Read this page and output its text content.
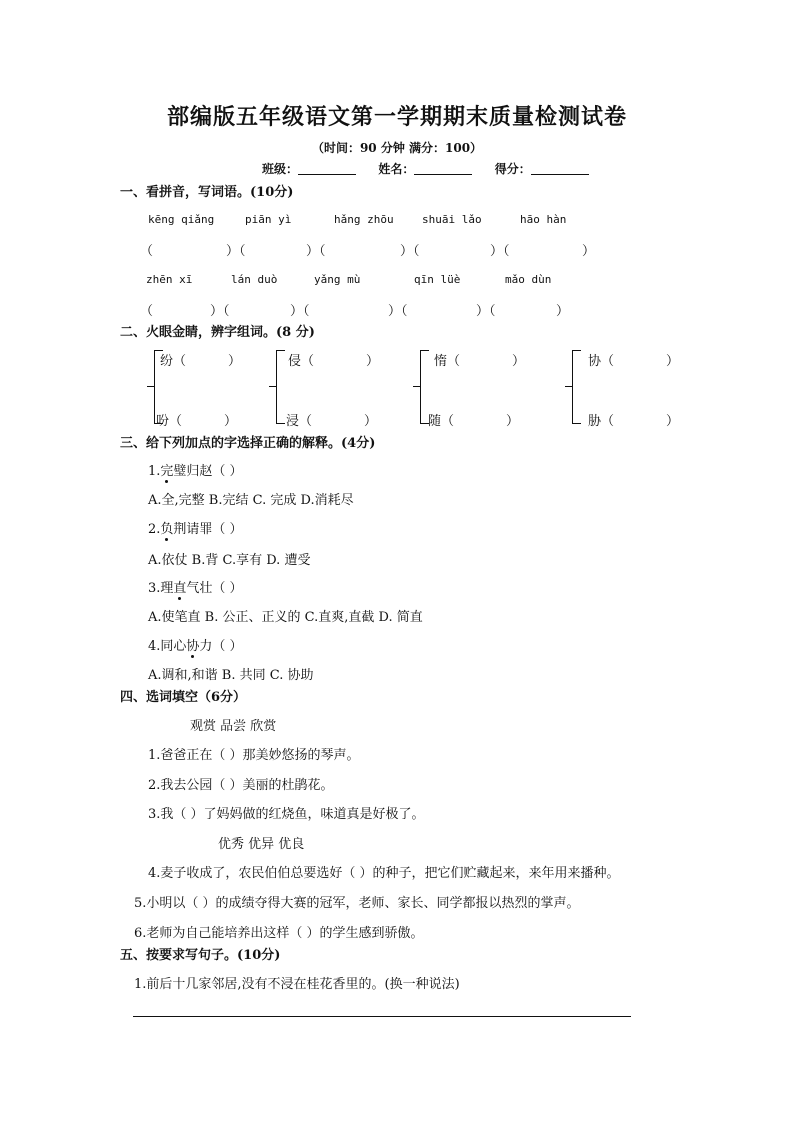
部编版五年级语文第一学期期末质量检测试卷
（时间：90 分钟 满分：100）
班级：	姓名：	得分：
一、看拼音，写词语。(10分)
kēng qiǎng	piān yì	hǎng zhōu	shuāi lǎo	hāo hàn
（	）（	）（	）（	）（	）
zhēn xī	lán duò	yǎng mù	qīn lüè	mǎo dùn
（	）（	）（	）（	）（	）
二、火眼金睛，辨字组词。(8 分)
纷（	）
吩（	）
侵（	）
浸（	）
惰（	）
随（	）
协（	）
胁（	）
三、给下列加点的字选择正确的解释。(4分)
1.完璧归赵（ ）
A.全,完整 B.完结 C. 完成 D.消耗尽
2.负荆请罪（ ）
A.依仗 B.背 C.享有 D. 遭受
3.理直气壮（ ）
A.使笔直 B. 公正、正义的 C.直爽,直截 D. 简直
4.同心协力（ ）
A.调和,和谐 B. 共同 C. 协助
四、选词填空（6分）
观赏 品尝 欣赏
1.爸爸正在（ ）那美妙悠扬的琴声。
2.我去公园（ ）美丽的杜鹃花。
3.我（ ）了妈妈做的红烧鱼，味道真是好极了。
优秀 优异 优良
4.麦子收成了，农民伯伯总要选好（ ）的种子，把它们贮藏起来，来年用来播种。
5.小明以（ ）的成绩夺得大赛的冠军，老师、家长、同学都报以热烈的掌声。
6.老师为自己能培养出这样（ ）的学生感到骄傲。
五、按要求写句子。(10分)
1.前后十几家邻居,没有不浸在桂花香里的。(换一种说法)
